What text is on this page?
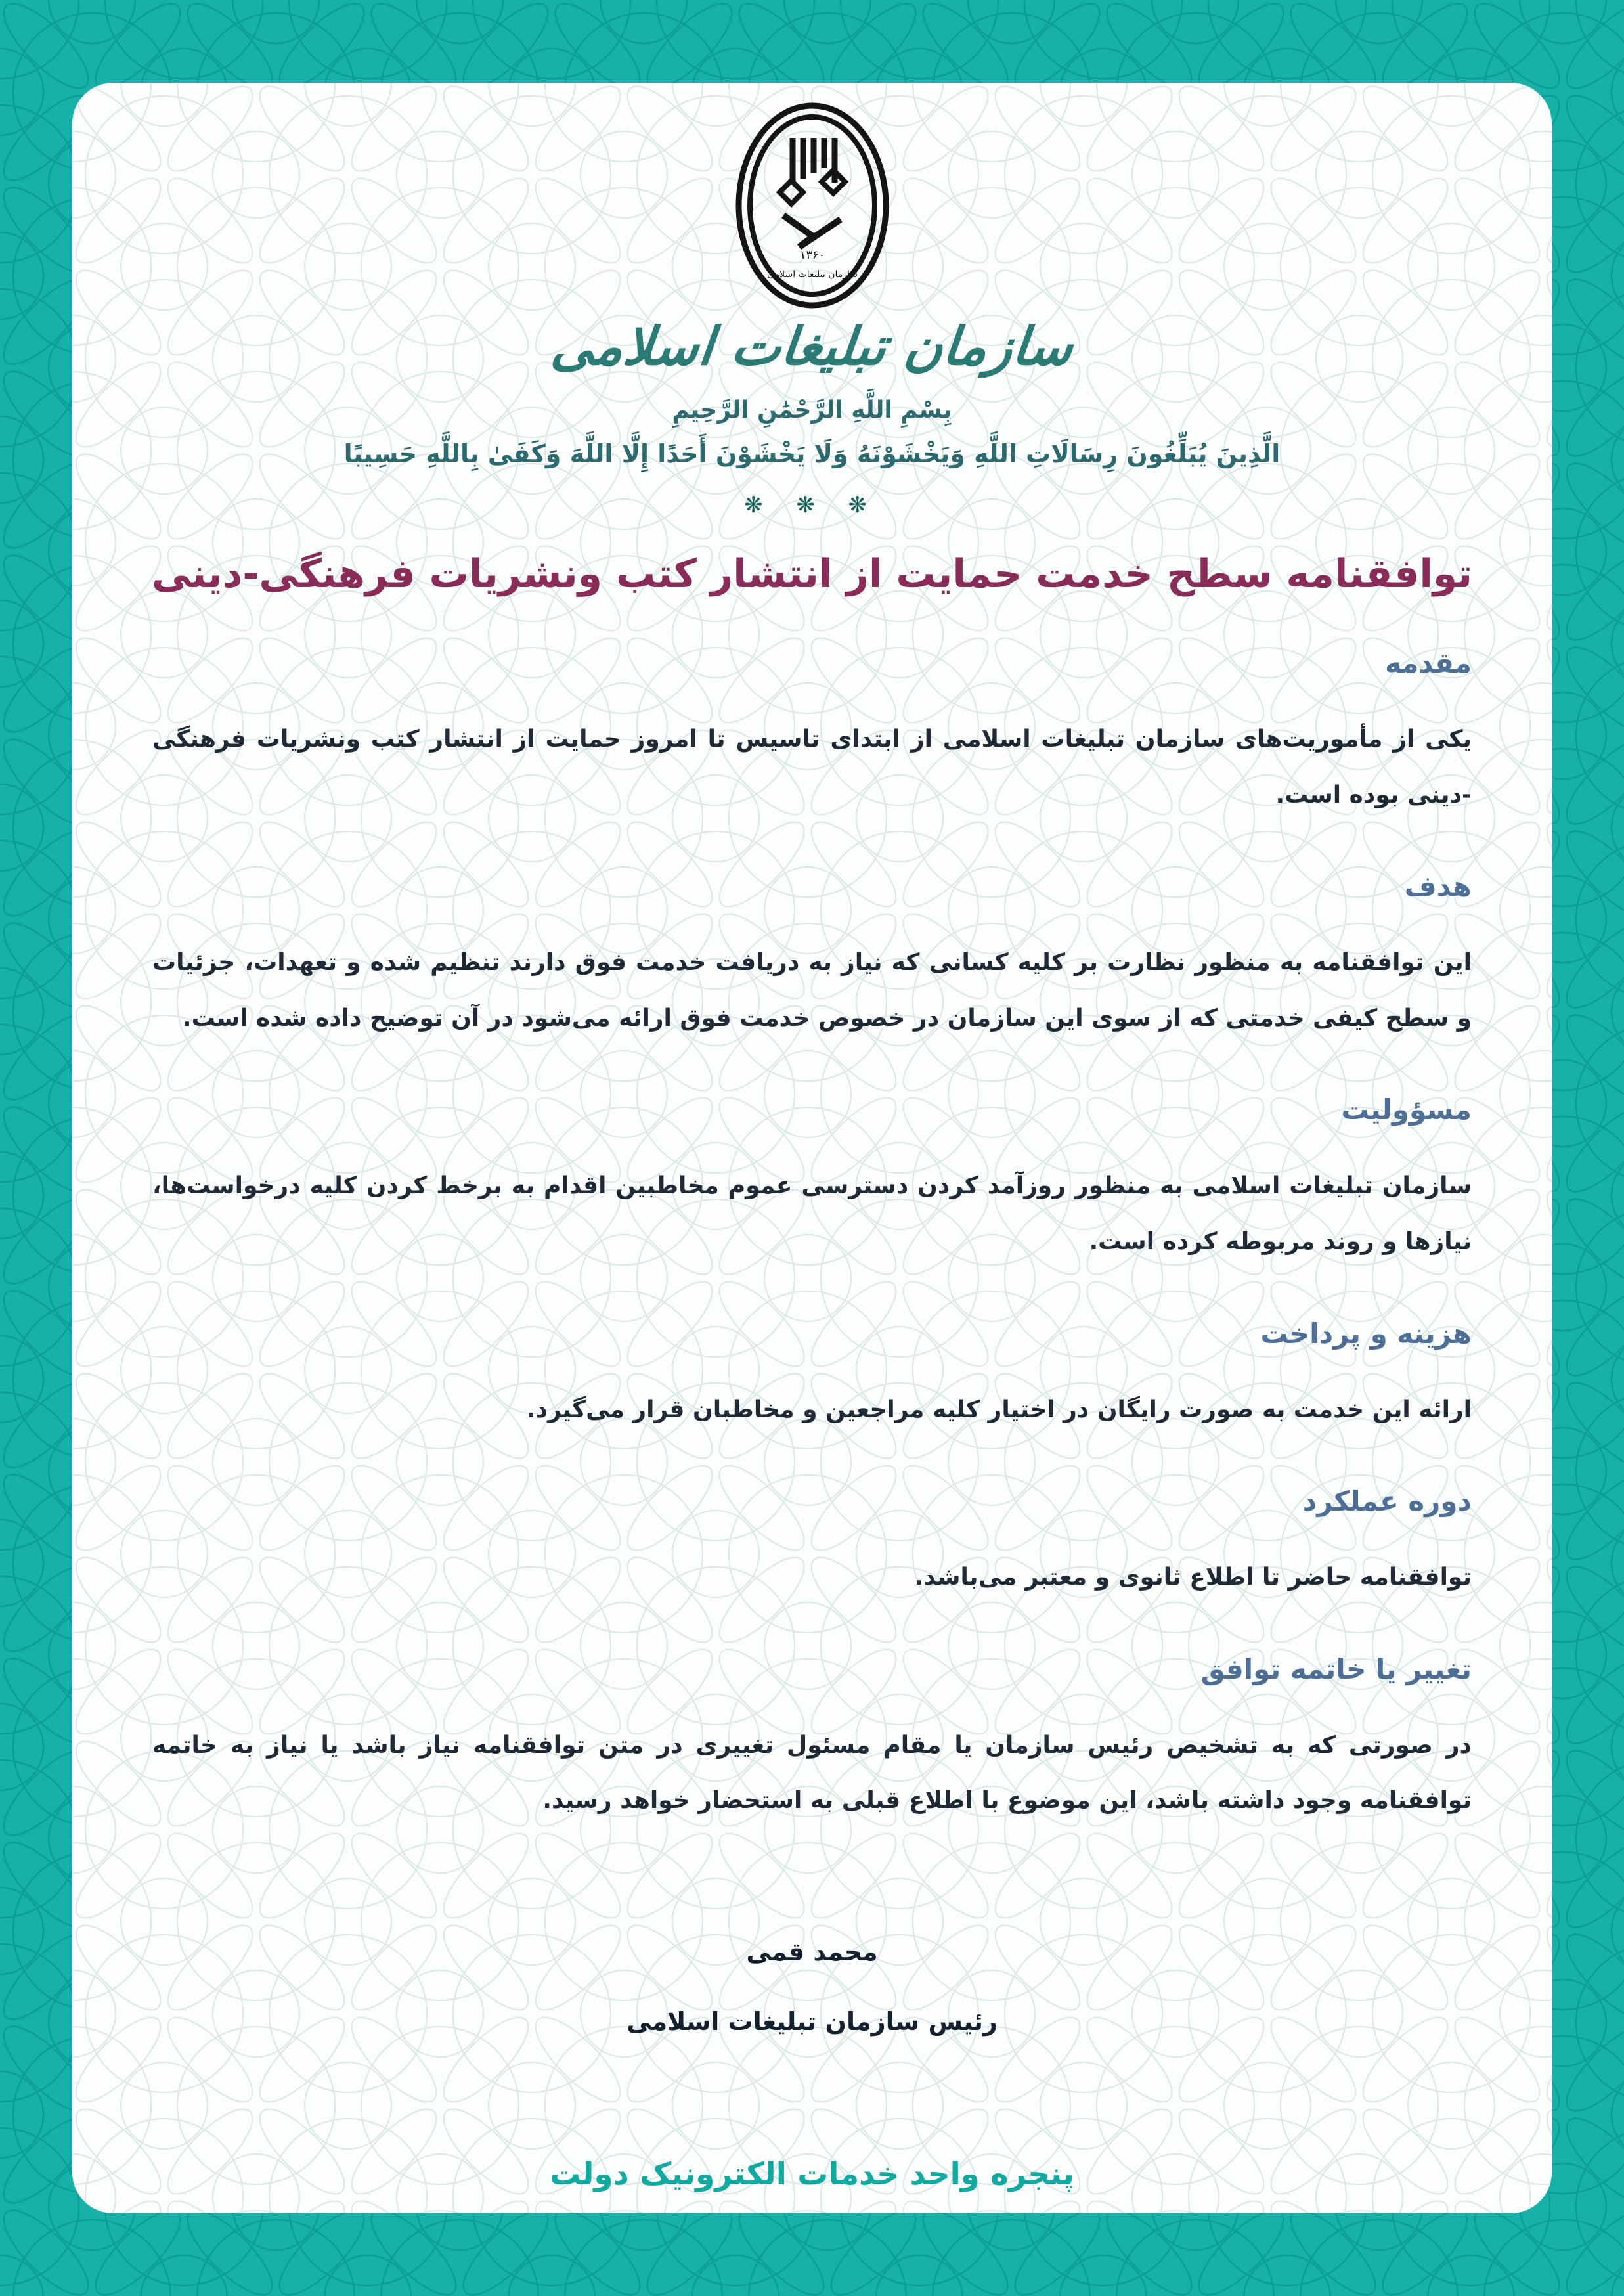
۱۳۶۰
سازمان تبلیغات اسلامی
سازمان تبلیغات اسلامی
بِسْمِ اللَّهِ الرَّحْمَٰنِ الرَّحِيمِ
الَّذِينَ يُبَلِّغُونَ رِسَالَاتِ اللَّهِ وَيَخْشَوْنَهُ وَلَا يَخْشَوْنَ أَحَدًا إِلَّا اللَّهَ وَكَفَىٰ بِاللَّهِ حَسِيبًا
❋ ❋ ❋
توافقنامه سطح خدمت حمایت از انتشار کتب ونشریات فرهنگی-دینی
مقدمه

یکی از مأموریت‌های سازمان تبلیغات اسلامی از ابتدای تاسیس تا امروز حمایت از انتشار کتب ونشریات فرهنگی -دینی بوده است.

هدف

این توافقنامه به منظور نظارت بر کلیه کسانی که نیاز به دریافت خدمت فوق دارند تنظیم شده و تعهدات، جزئیات و سطح کیفی خدمتی که از سوی این سازمان در خصوص خدمت فوق ارائه می‌شود در آن توضیح داده شده است.

مسؤولیت

سازمان تبلیغات اسلامی به منظور روزآمد کردن دسترسی عموم مخاطبین اقدام به برخط کردن کلیه درخواست‌ها، نیازها و روند مربوطه کرده است.

هزینه و پرداخت

ارائه این خدمت به صورت رایگان در اختیار کلیه مراجعین و مخاطبان قرار می‌گیرد.

دوره عملکرد

توافقنامه حاضر تا اطلاع ثانوی و معتبر می‌باشد.

تغییر یا خاتمه توافق

در صورتی که به تشخیص رئیس سازمان یا مقام مسئول تغییری در متن توافقنامه نیاز باشد یا نیاز به خاتمه توافقنامه وجود داشته باشد، این موضوع با اطلاع قبلی به استحضار خواهد رسید.

محمد قمی
رئیس سازمان تبلیغات اسلامی
پنجره واحد خدمات الکترونیک دولت
